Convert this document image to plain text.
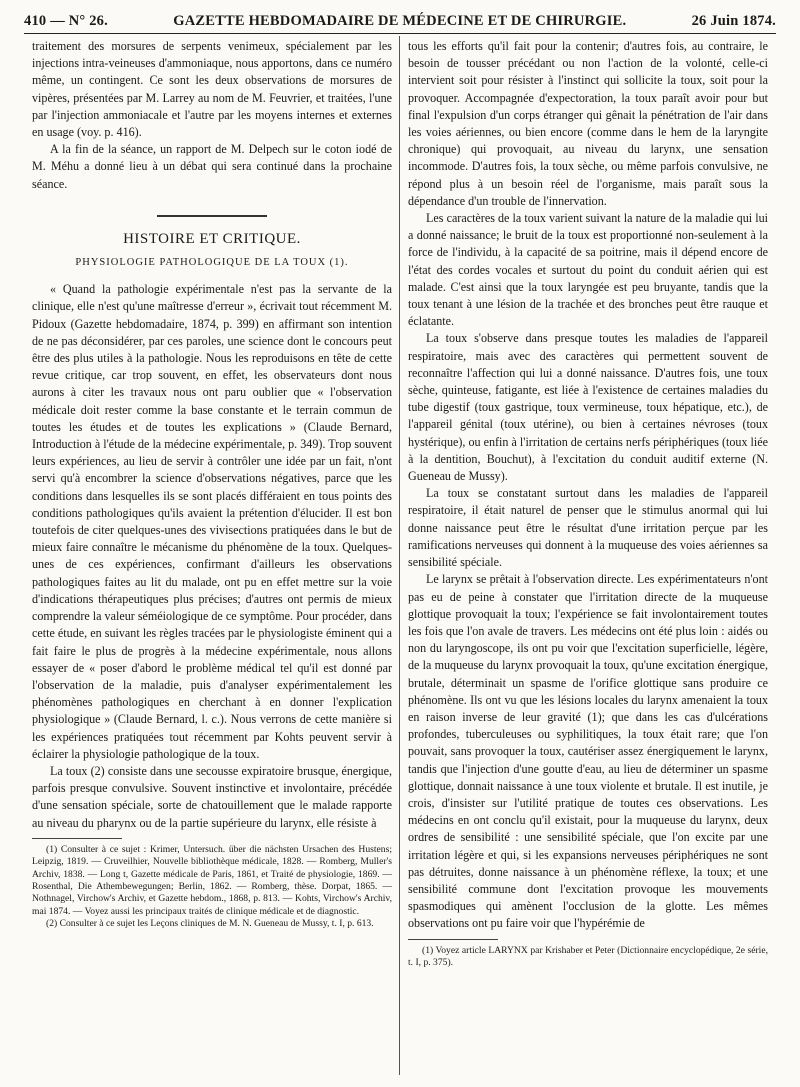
410 — N° 26.	GAZETTE HEBDOMADAIRE DE MÉDECINE ET DE CHIRURGIE.	26 Juin 1874.

traitement des morsures de serpents venimeux, spécialement par les injections intra-veineuses d'ammoniaque, nous apportons, dans ce numéro même, un contingent. Ce sont les deux observations de morsures de vipères, présentées par M. Larrey au nom de M. Feuvrier, et traitées, l'une par l'injection ammoniacale et l'autre par les moyens internes et externes en usage (voy. p. 416).

A la fin de la séance, un rapport de M. Delpech sur le coton iodé de M. Méhu a donné lieu à un débat qui sera continué dans la prochaine séance.

HISTOIRE ET CRITIQUE.
PHYSIOLOGIE PATHOLOGIQUE DE LA TOUX (1).

« Quand la pathologie expérimentale n'est pas la servante de la clinique, elle n'est qu'une maîtresse d'erreur », écrivait tout récemment M. Pidoux (Gazette hebdomadaire, 1874, p. 399) en affirmant son intention de ne pas déconsidérer, par ces paroles, une science dont le concours peut être des plus utiles à la pathologie. Nous les reproduisons en tête de cette revue critique, car trop souvent, en effet, les observateurs dont nous aurons à citer les travaux nous ont paru oublier que « l'observation médicale doit rester comme la base constante et le terrain commun de toutes les études et de toutes les explications » (Claude Bernard, Introduction à l'étude de la médecine expérimentale, p. 349). Trop souvent leurs expériences, au lieu de servir à contrôler une idée par un fait, n'ont servi qu'à encombrer la science d'observations négatives, parce que les conditions dans lesquelles ils se sont placés différaient en tous points des conditions pathologiques qu'ils avaient la prétention d'élucider. Il est bon toutefois de citer quelques-unes des vivisections pratiquées dans le but de mieux faire connaître le mécanisme du phénomène de la toux. Quelques-unes de ces expériences, confirmant d'ailleurs les observations pathologiques faites au lit du malade, ont pu en effet mettre sur la voie d'indications thérapeutiques plus précises; d'autres ont permis de mieux comprendre la valeur séméiologique de ce symptôme. Pour procéder, dans cette étude, en suivant les règles tracées par le physiologiste éminent qui a fait faire le plus de progrès à la médecine expérimentale, nous allons essayer de « poser d'abord le problème médical tel qu'il est donné par l'observation de la maladie, puis d'analyser expérimentalement les phénomènes pathologiques en cherchant à en donner l'explication physiologique » (Claude Bernard, l. c.). Nous verrons de cette manière si les expériences pratiquées tout récemment par Kohts peuvent servir à éclairer la physiologie pathologique de la toux.

La toux (2) consiste dans une secousse expiratoire brusque, énergique, parfois presque convulsive. Souvent instinctive et involontaire, précédée d'une sensation spéciale, sorte de chatouillement que le malade rapporte au niveau du pharynx ou de la partie supérieure du larynx, elle résiste à

(1) Consulter à ce sujet : Krimer, Untersuch. über die nächsten Ursachen des Hustens; Leipzig, 1819. — Cruveilhier, Nouvelle bibliothèque médicale, 1828. — Romberg, Muller's Archiv, 1838. — Long t, Gazette médicale de Paris, 1861, et Traité de physiologie, 1869. — Rosenthal, Die Athembewegungen; Berlin, 1862. — Romberg, thèse. Dorpat, 1865. — Nothnagel, Virchow's Archiv, et Gazette hebdom., 1868, p. 813. — Kohts, Virchow's Archiv, mai 1874. — Voyez aussi les principaux traités de clinique médicale et de diagnostic.

(2) Consulter à ce sujet les Leçons cliniques de M. N. Gueneau de Mussy, t. I, p. 613.

tous les efforts qu'il fait pour la contenir; d'autres fois, au contraire, le besoin de tousser précédant ou non l'action de la volonté, celle-ci intervient soit pour résister à l'instinct qui sollicite la toux, soit pour la provoquer. Accompagnée d'expectoration, la toux paraît avoir pour but final l'expulsion d'un corps étranger qui gênait la pénétration de l'air dans les voies aériennes, ou bien encore (comme dans le hem de la laryngite chronique) qui provoquait, au niveau du larynx, une sensation incommode. D'autres fois, la toux sèche, ou même parfois convulsive, ne répond plus à un besoin réel de l'organisme, mais paraît sous la dépendance d'un trouble de l'innervation.

Les caractères de la toux varient suivant la nature de la maladie qui lui a donné naissance; le bruit de la toux est proportionné non-seulement à la force de l'individu, à la capacité de sa poitrine, mais il dépend encore de l'état des cordes vocales et surtout du point du conduit aérien qui est malade. C'est ainsi que la toux laryngée est peu bruyante, tandis que la toux tenant à une lésion de la trachée et des bronches peut être rauque et éclatante.

La toux s'observe dans presque toutes les maladies de l'appareil respiratoire, mais avec des caractères qui permettent souvent de reconnaître l'affection qui lui a donné naissance. D'autres fois, une toux sèche, quinteuse, fatigante, est liée à l'existence de certaines maladies du tube digestif (toux gastrique, toux vermineuse, toux hépatique, etc.), de l'appareil génital (toux utérine), ou bien à certaines névroses (toux hystérique), ou enfin à l'irritation de certains nerfs périphériques (toux liée à la dentition, Bouchut), à l'excitation du conduit auditif externe (N. Gueneau de Mussy).

La toux se constatant surtout dans les maladies de l'appareil respiratoire, il était naturel de penser que le stimulus anormal qui lui donne naissance peut être le résultat d'une irritation perçue par les ramifications nerveuses qui donnent à la muqueuse des voies aériennes sa sensibilité spéciale.

Le larynx se prêtait à l'observation directe. Les expérimentateurs n'ont pas eu de peine à constater que l'irritation directe de la muqueuse glottique provoquait la toux; l'expérience se fait involontairement toutes les fois que l'on avale de travers. Les médecins ont été plus loin : aidés ou non du laryngoscope, ils ont pu voir que l'excitation superficielle, légère, de la muqueuse du larynx provoquait la toux, qu'une excitation énergique, brutale, déterminait un spasme de l'orifice glottique sans produire ce phénomène. Ils ont vu que les lésions locales du larynx amenaient la toux en raison inverse de leur gravité (1); que dans les cas d'ulcérations profondes, tuberculeuses ou syphilitiques, la toux était rare; que l'on pouvait, sans provoquer la toux, cautériser assez énergiquement le larynx, tandis que l'injection d'une goutte d'eau, au lieu de déterminer un spasme glottique, donnait naissance à une toux violente et brutale. Il est inutile, je crois, d'insister sur l'utilité pratique de toutes ces observations. Les médecins en ont conclu qu'il existait, pour la muqueuse du larynx, deux ordres de sensibilité : une sensibilité spéciale, que l'on excite par une irritation légère et qui, si les expansions nerveuses périphériques ne sont pas détruites, donne naissance à un phénomène réflexe, la toux; et une sensibilité commune dont l'excitation provoque les mouvements spasmodiques qui amènent l'occlusion de la glotte. Les mêmes observations ont pu faire voir que l'hypérémie de

(1) Voyez article LARYNX par Krishaber et Peter (Dictionnaire encyclopédique, 2e série, t. I, p. 375).
